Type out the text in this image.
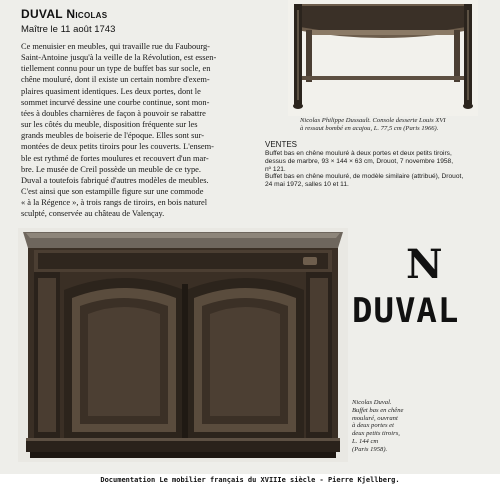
DUVAL Nicolas
Maître le 11 août 1743
Ce menuisier en meubles, qui travaille rue du Faubourg-
Saint-Antoine jusqu'à la veille de la Révolution, est essen-
tiellement connu pour un type de buffet bas sur socle, en
chêne mouluré, dont il existe un certain nombre d'exem-
plaires quasiment identiques. Les deux portes, dont le
sommet incurvé dessine une courbe continue, sont mon-
tées à doubles charnières de façon à pouvoir se rabattre
sur les côtés du meuble, disposition fréquente sur les
grands meubles de boiserie de l'époque. Elles sont sur-
montées de deux petits tiroirs pour les couverts. L'ensem-
ble est rythmé de fortes moulures et recouvert d'un mar-
bre. Le musée de Creil possède un meuble de ce type.
Duval a toutefois fabriqué d'autres modèles de meubles.
C'est ainsi que son estampille figure sur une commode
« à la Régence », à trois rangs de tiroirs, en bois naturel
sculpté, conservée au château de Valençay.
Nicolas Philippe Dussault. Console desserte Louis XVI
à ressaut bombé en acajou, L. 77,5 cm (Paris 1966).
VENTES
Buffet bas en chêne mouluré à deux portes et deux petits tiroirs,
dessus de marbre, 93 × 144 × 63 cm, Drouot, 7 novembre 1958,
nº 121.
Buffet bas en chêne mouluré, de modèle similaire (attribué), Drouot,
24 mai 1972, salles 10 et 11.
N
DUVAL
Nicolas Duval.
Buffet bas en chêne
mouluré, ouvrant
à deux portes et
deux petits tiroirs,
L. 144 cm
(Paris 1958).
Documentation Le mobilier français du XVIIIe siècle - Pierre Kjellberg.
